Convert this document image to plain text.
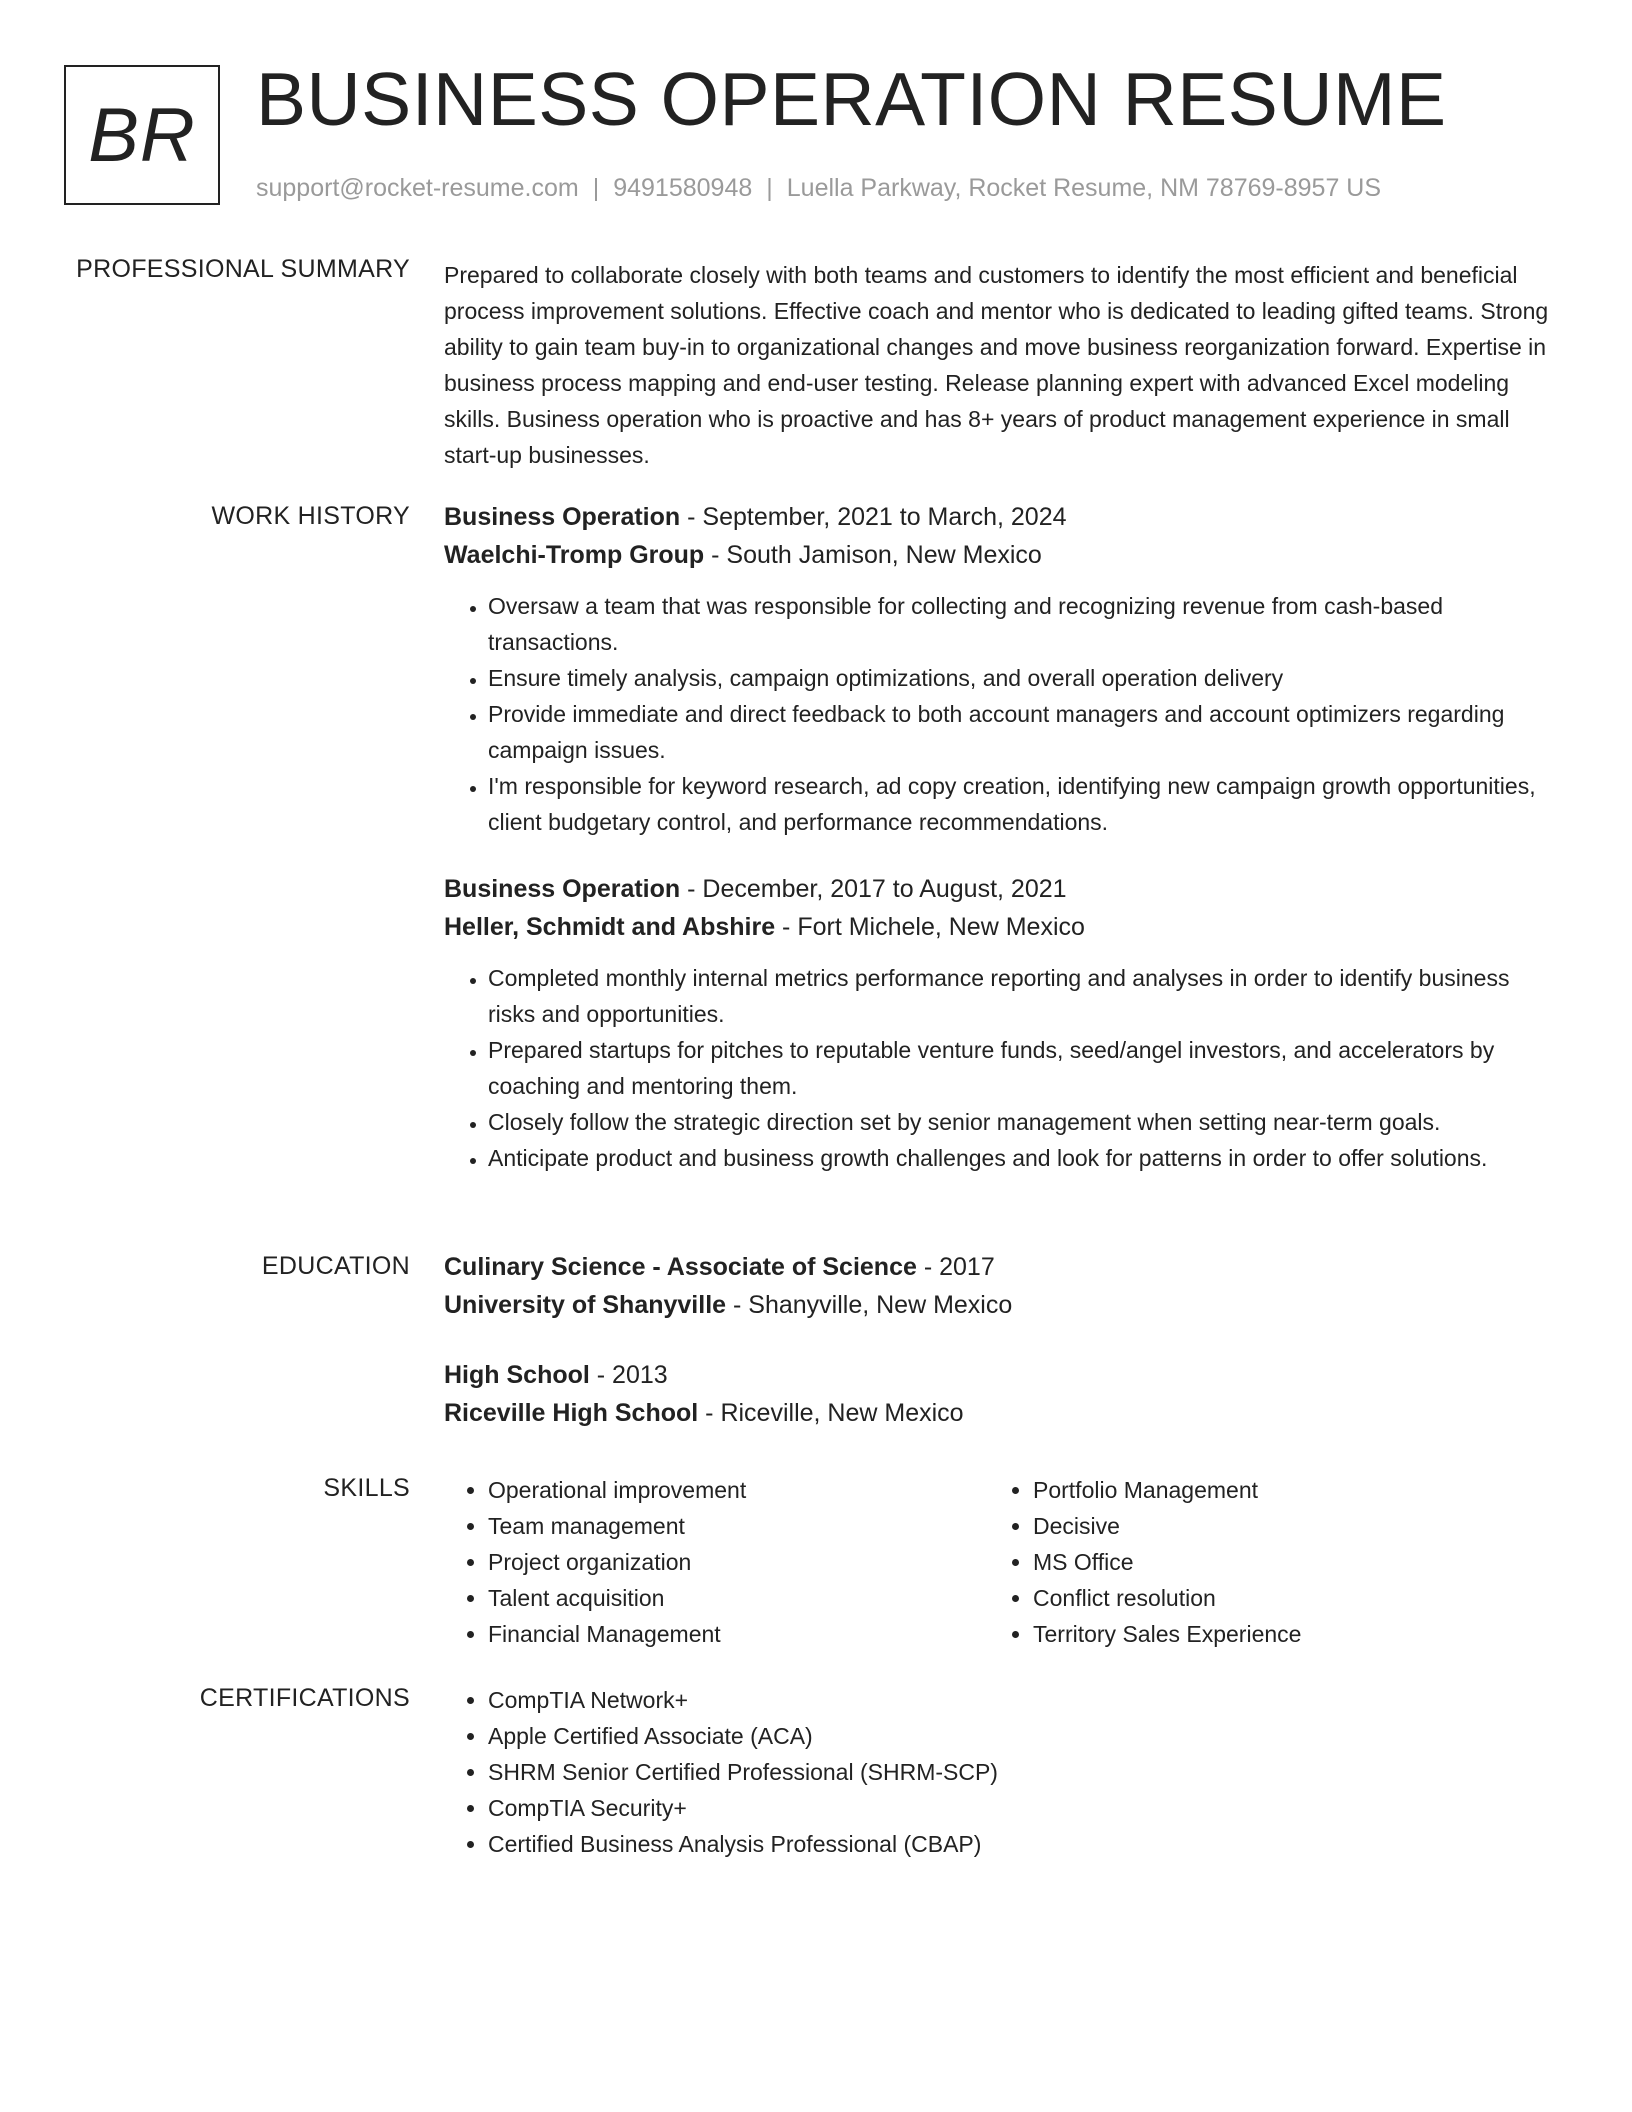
BR BUSINESS OPERATION RESUME
support@rocket-resume.com | 9491580948 | Luella Parkway, Rocket Resume, NM 78769-8957 US
PROFESSIONAL SUMMARY Prepared to collaborate closely with both teams and customers to identify the most efficient and beneficial process improvement solutions. Effective coach and mentor who is dedicated to leading gifted teams. Strong ability to gain team buy-in to organizational changes and move business reorganization forward. Expertise in business process mapping and end-user testing. Release planning expert with advanced Excel modeling skills. Business operation who is proactive and has 8+ years of product management experience in small start-up businesses.

WORK HISTORY Business Operation - September, 2021 to March, 2024

Waelchi-Tromp Group - South Jamison, New Mexico

• Oversaw a team that was responsible for collecting and recognizing revenue from cash-based transactions.
• Ensure timely analysis, campaign optimizations, and overall operation delivery
• Provide immediate and direct feedback to both account managers and account optimizers regarding campaign issues.
• I'm responsible for keyword research, ad copy creation, identifying new campaign growth opportunities, client budgetary control, and performance recommendations.

Business Operation - December, 2017 to August, 2021

Heller, Schmidt and Abshire - Fort Michele, New Mexico

• Completed monthly internal metrics performance reporting and analyses in order to identify business risks and opportunities.
• Prepared startups for pitches to reputable venture funds, seed/angel investors, and accelerators by coaching and mentoring them.
• Closely follow the strategic direction set by senior management when setting near-term goals.
• Anticipate product and business growth challenges and look for patterns in order to offer solutions.
EDUCATION Culinary Science - Associate of Science - 2017

University of Shanyville - Shanyville, New Mexico

High School - 2013

Riceville High School - Riceville, New Mexico

SKILLS	• Operational improvement
• Team management
• Project organization
• Talent acquisition
• Financial Management
• Portfolio Management
• Decisive
• MS Office
• Conflict resolution
• Territory Sales Experience
CERTIFICATIONS	• CompTIA Network+
• Apple Certified Associate (ACA)
• SHRM Senior Certified Professional (SHRM-SCP)
• CompTIA Security+
• Certified Business Analysis Professional (CBAP)
